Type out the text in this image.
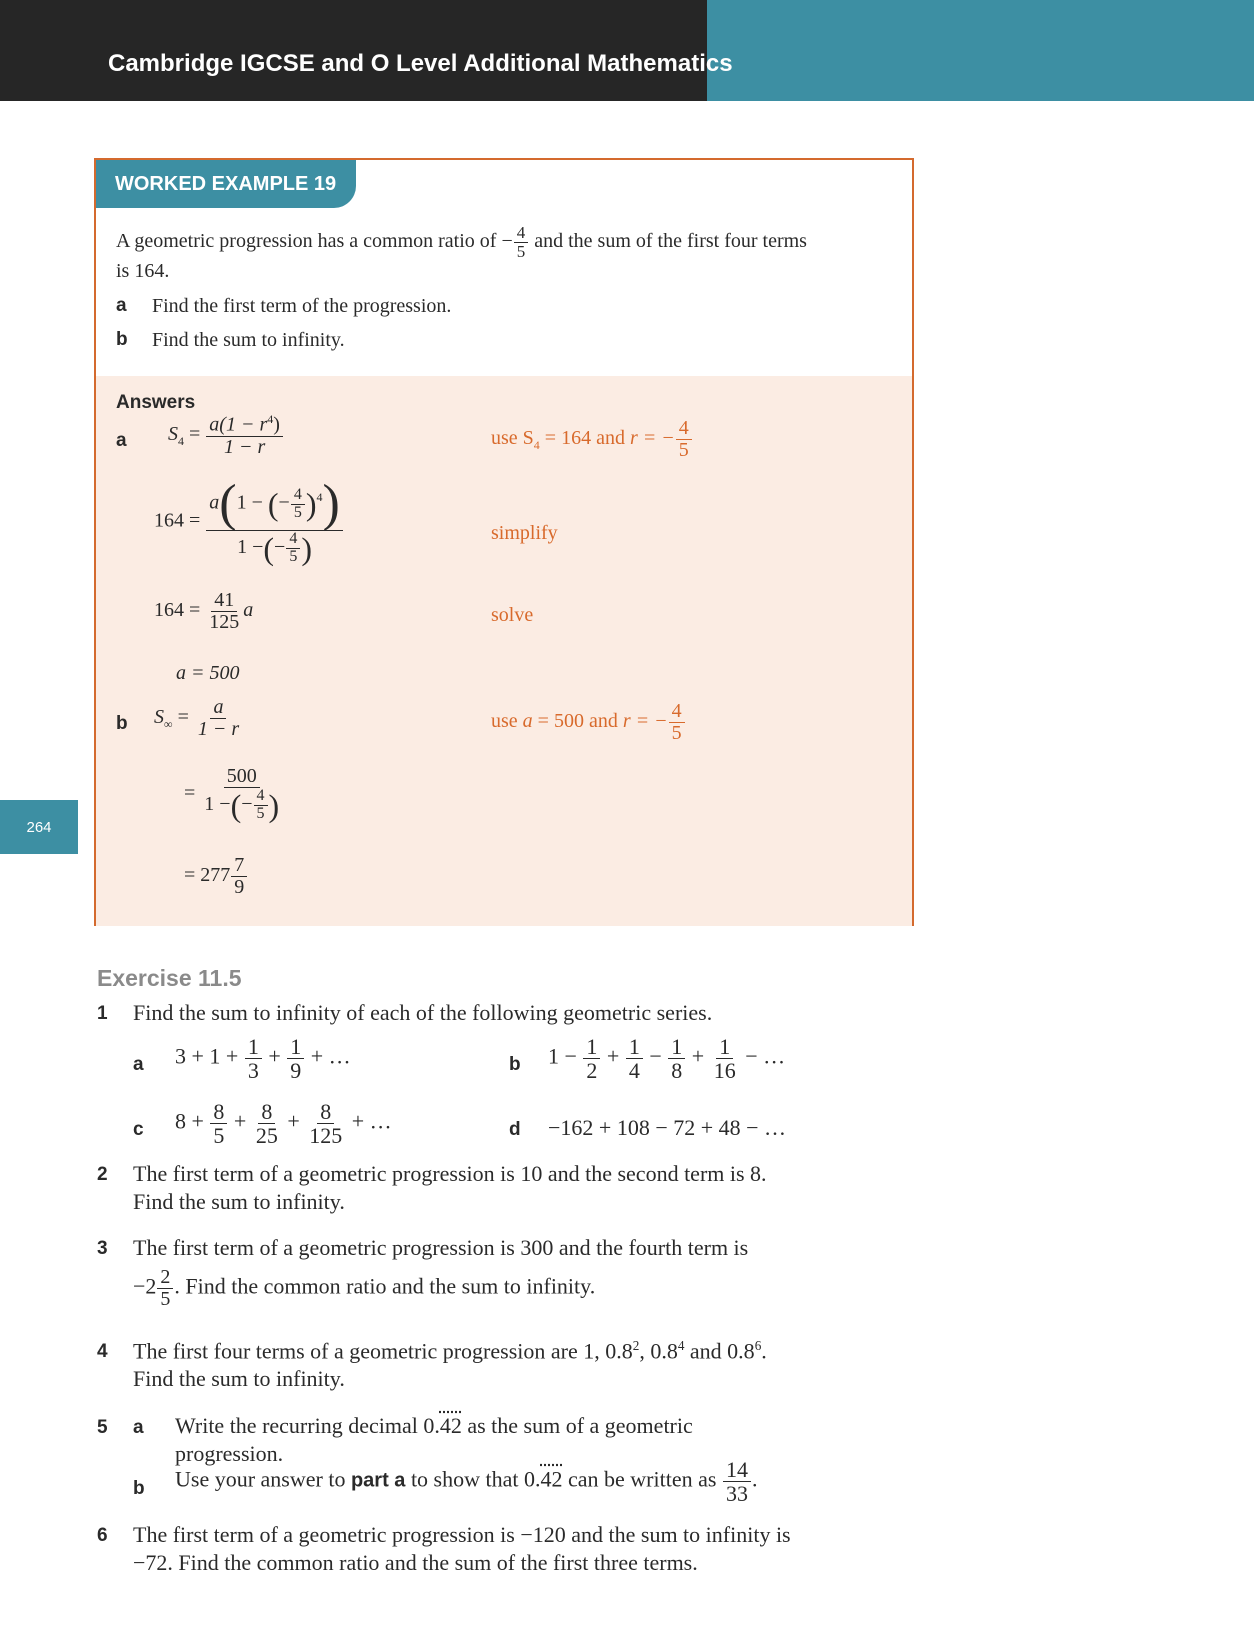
Cambridge IGCSE and O Level Additional Mathematics
264
WORKED EXAMPLE 19
A geometric progression has a common ratio of − $\frac{4}{5}$ and the sum of the first four terms
is 164.
a Find the first term of the progression.
b Find the sum to infinity.
Answers
a $S_4 = \frac{a(1 - r^4)}{1 - r}$	use $S_4 = 164$ and r = − $\frac{4}{5}$
$164 = \frac{a(1 - (- \frac{4}{5} )^4)}{1 -(- \frac{4}{5} )}$	simplify
$164 = \frac{41}{125}$ a	solve
a = 500
b $S_\infty = \frac{a}{1 - r}$	use a = 500 and r = − $\frac{4}{5}$
= $\frac{500}{1 -(- \frac{4}{5} )}$
= $277 \frac{7}{9}$
Exercise 11.5
1 Find the sum to infinity of each of the following geometric series.
a $3 + 1 + \frac{1}{3} + \frac{1}{9}$ + …	b $1 - \frac{1}{2} + \frac{1}{4} - \frac{1}{8} + \frac{1}{16}$ − …
c $8 + \frac{8}{5} + \frac{8}{25} + \frac{8}{125}$ + …	d −162 + 108 − 72 + 48 − …
2 The first term of a geometric progression is 10 and the second term is 8.
Find the sum to infinity.
3 The first term of a geometric progression is 300 and the fourth term is
$-2 \frac{2}{5}$ . Find the common ratio and the sum to infinity.
4 The first four terms of a geometric progression are 1, $0.8^2$, $0.8^4$ and $0.8^6$.
Find the sum to infinity.
5 a Write the recurring decimal 0.42 as the sum of a geometric
progression.
b Use your answer to part a to show that 0.42 can be written as $\frac{14}{33}$ .
6 The first term of a geometric progression is −120 and the sum to infinity is
−72. Find the common ratio and the sum of the first three terms.
